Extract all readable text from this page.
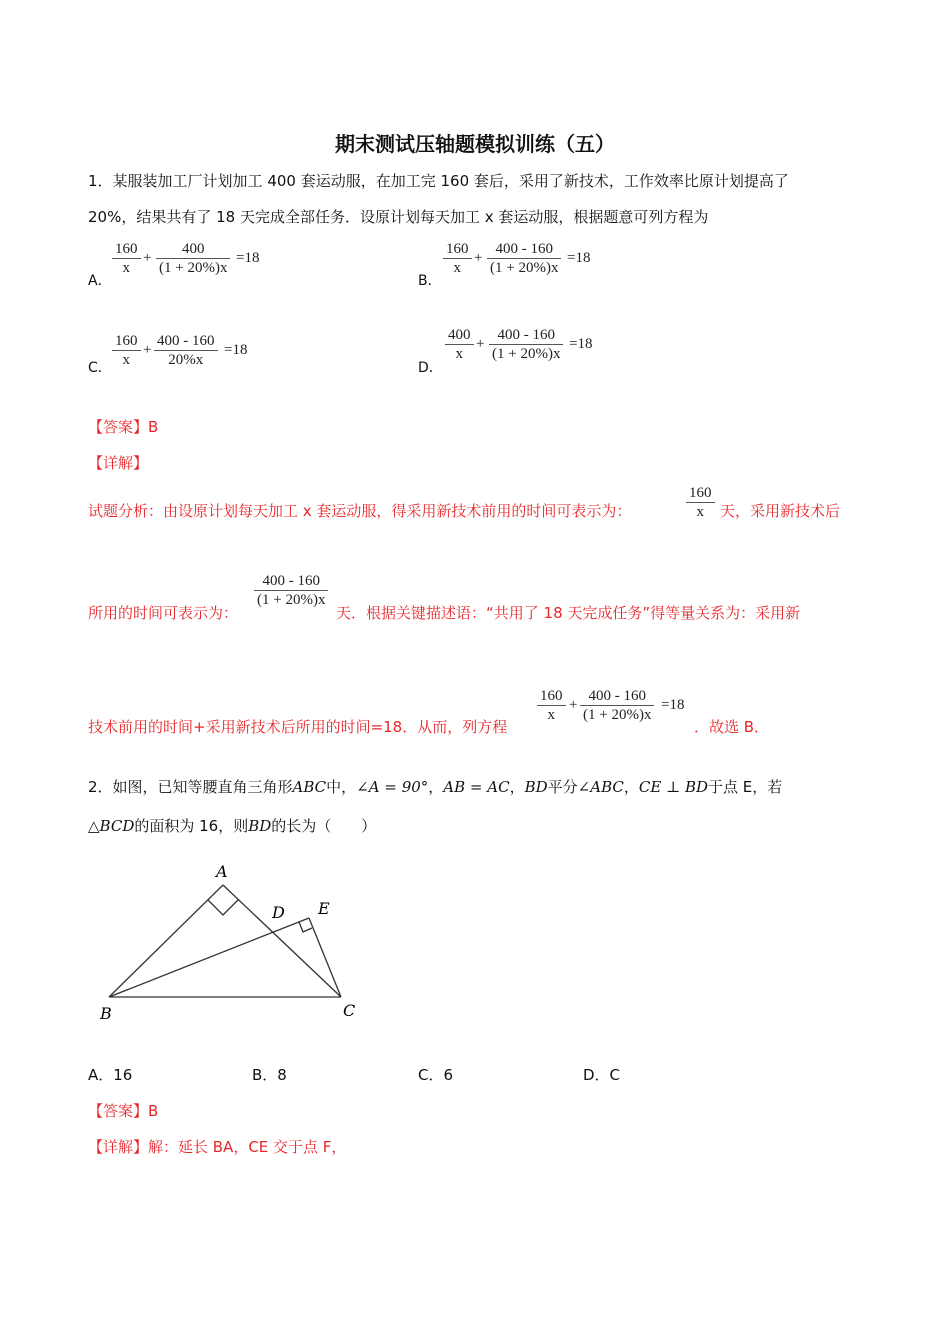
期末测试压轴题模拟训练（五）
1．某服装加工厂计划加工 400 套运动服，在加工完 160 套后，采用了新技术，工作效率比原计划提高了
20%，结果共有了 18 天完成全部任务．设原计划每天加工 x 套运动服，根据题意可列方程为
A．
$\frac{160}{x} + \frac{400}{(1 + 20\%)x} =18$
B．
$\frac{160}{x} + \frac{400 - 160}{(1 + 20\%)x} =18$
C． $\frac{160}{x} + \frac{400 - 160}{20\%x} =18$
D．
$\frac{400}{x} + \frac{400 - 160}{(1 + 20\%)x} =18$
【答案】B
【详解】
试题分析：由设原计划每天加工 x 套运动服，得采用新技术前用的时间可表示为：	$\frac{160}{x}$ 天，采用新技术后
所用的时间可表示为：
$\frac{400 - 160}{(1 + 20\%)x}$
天．根据关键描述语：“共用了 18 天完成任务”得等量关系为：采用新
技术前用的时间+采用新技术后所用的时间=18．从而，列方程
$\frac{160}{x} + \frac{400 - 160}{(1 + 20\%)x} =18$
．故选 B．
2．如图，已知等腰直角三角形ABC中，∠A = 90°，AB = AC，BD平分∠ABC，CE ⊥ BD于点 E，若
△BCD的面积为 16，则BD的长为（　　）
A
B	C
D E
A．16	B．8	C．6	D．C
【答案】B
【详解】解：延长 BA，CE 交于点 F，
